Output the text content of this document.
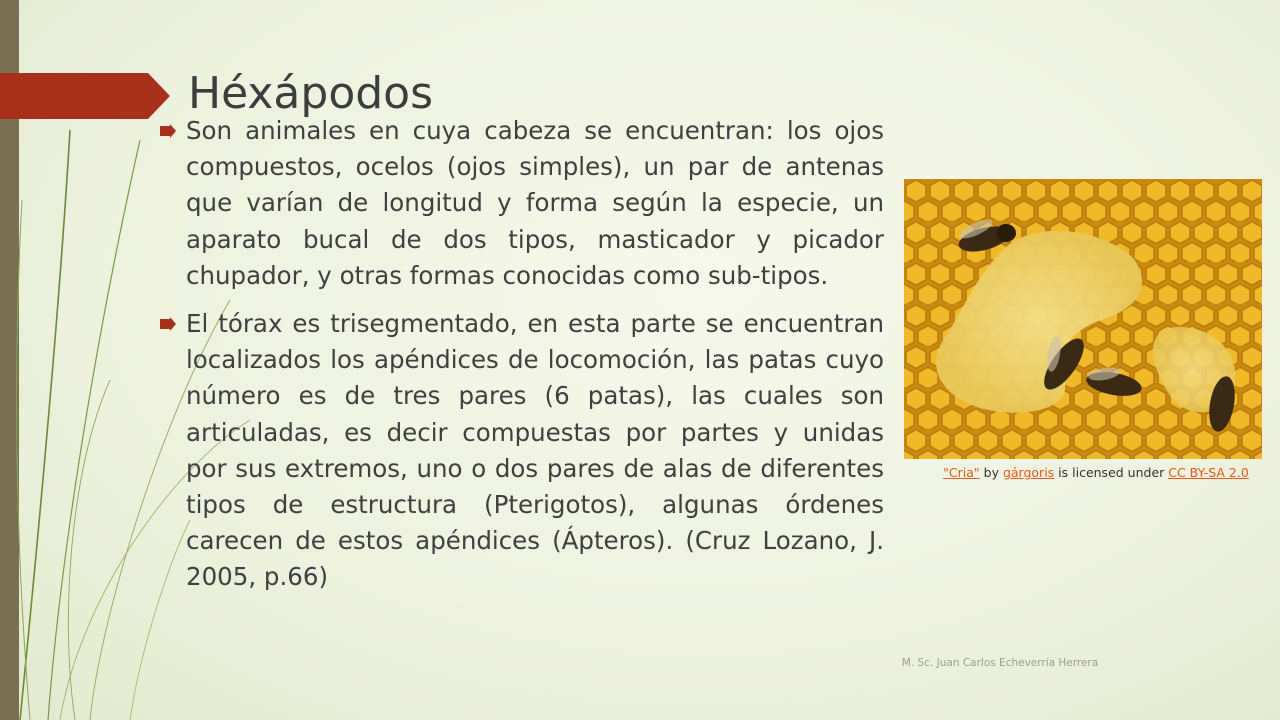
Héxápodos

Son animales en cuya cabeza se encuentran: los ojos compuestos, ocelos (ojos simples), un par de antenas que varían de longitud y forma según la especie, un aparato bucal de dos tipos, masticador y picador chupador, y otras formas conocidas como sub-tipos.

El tórax es trisegmentado, en esta parte se encuentran localizados los apéndices de locomoción, las patas cuyo número es de tres pares (6 patas), las cuales son articuladas, es decir compuestas por partes y unidas por sus extremos, uno o dos pares de alas de diferentes tipos de estructura (Pterigotos), algunas órdenes carecen de estos apéndices (Ápteros). (Cruz Lozano, J. 2005, p.66)

"Cria" by gárgoris is licensed under CC BY-SA 2.0
M. Sc. Juan Carlos Echeverría Herrera
